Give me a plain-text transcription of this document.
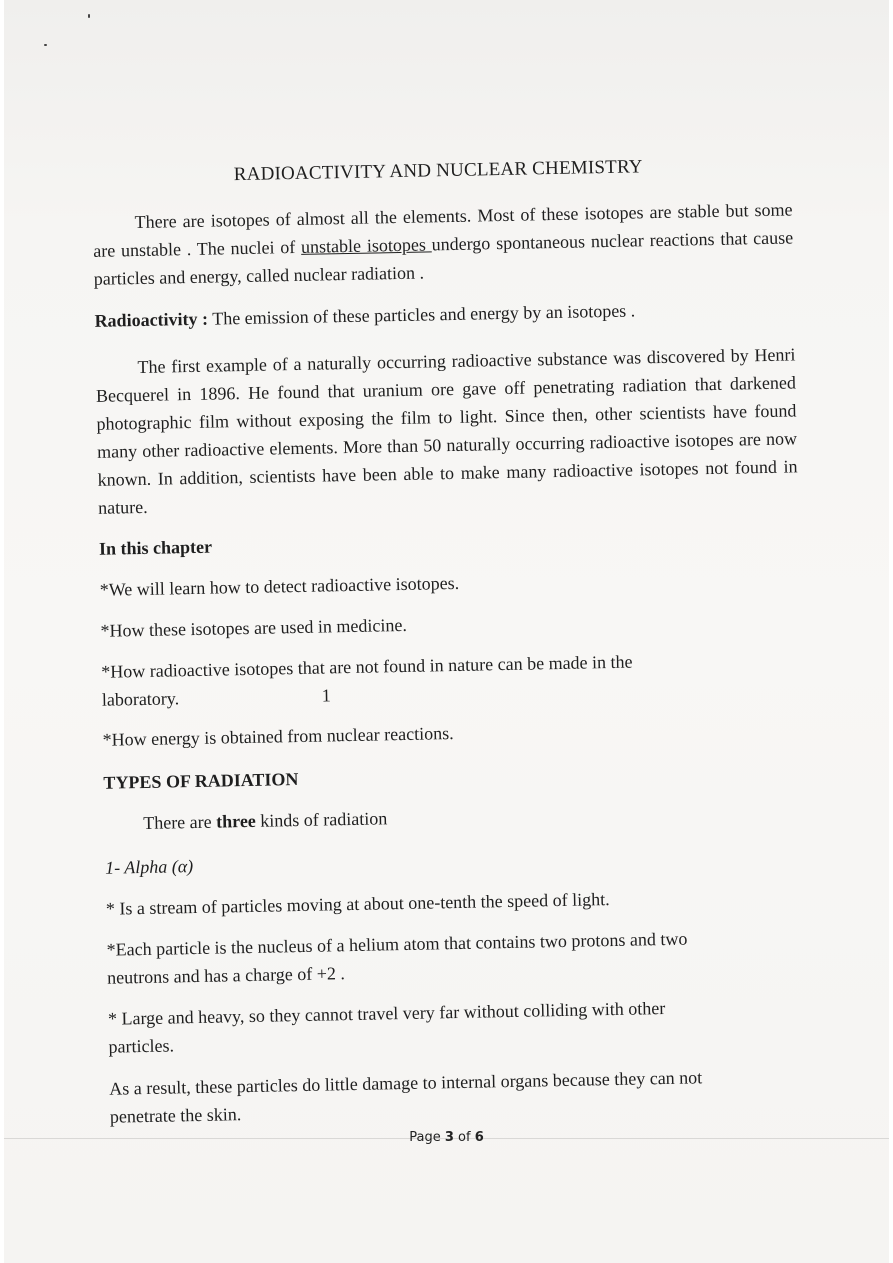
RADIOACTIVITY AND NUCLEAR CHEMISTRY

There are isotopes of almost all the elements. Most of these isotopes are stable but some are unstable . The nuclei of unstable isotopes undergo spontaneous nuclear reactions that cause particles and energy, called nuclear radiation .

Radioactivity : The emission of these particles and energy by an isotopes .

The first example of a naturally occurring radioactive substance was discovered by Henri Becquerel in 1896. He found that uranium ore gave off penetrating radiation that darkened photographic film without exposing the film to light. Since then, other scientists have found many other radioactive elements. More than 50 naturally occurring radioactive isotopes are now known. In addition, scientists have been able to make many radioactive isotopes not found in nature.

In this chapter

*We will learn how to detect radioactive isotopes.

*How these isotopes are used in medicine.

*How radioactive isotopes that are not found in nature can be made in the

laboratory.	1

*How energy is obtained from nuclear reactions.

TYPES OF RADIATION

There are three kinds of radiation

1- Alpha (α)

* Is a stream of particles moving at about one-tenth the speed of light.

*Each particle is the nucleus of a helium atom that contains two protons and two

neutrons and has a charge of +2 .

* Large and heavy, so they cannot travel very far without colliding with other

particles.

As a result, these particles do little damage to internal organs because they can not

penetrate the skin.

Page 3 of 6
